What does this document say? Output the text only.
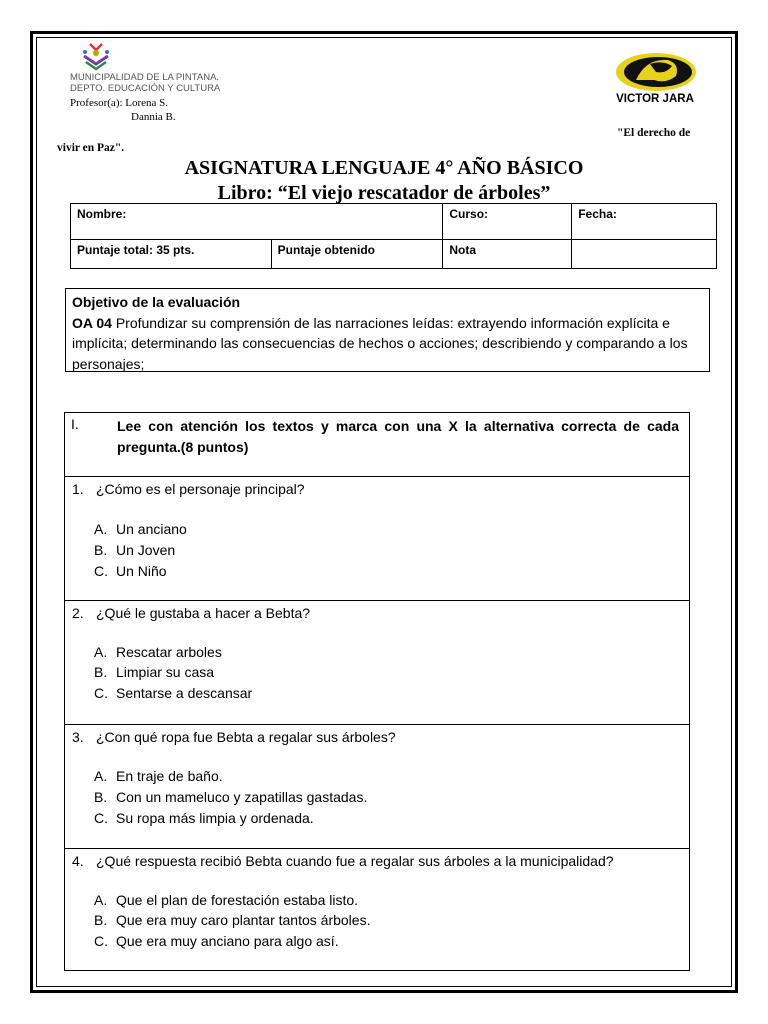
MUNICIPALIDAD DE LA PINTANA.
DEPTO. EDUCACIÓN Y CULTURA
Profesor(a): Lorena S.
Dannia B.
VICTOR JARA
"El derecho de
vivir en Paz".
ASIGNATURA LENGUAJE 4° AÑO BÁSICO
Libro: “El viejo rescatador de árboles”
Nombre:		Curso:	Fecha:
Puntaje total: 35 pts.	Puntaje obtenido	Nota	
Objetivo de la evaluación
OA 04 Profundizar su comprensión de las narraciones leídas: extrayendo información explícita e implícita; determinando las consecuencias de hechos o acciones; describiendo y comparando a los personajes;
I.	Lee con atención los textos y marca con una X la alternativa correcta de cada pregunta.(8 puntos)
1. ¿Cómo es el personaje principal?
A. Un anciano
B. Un Joven
C. Un Niño
2. ¿Qué le gustaba a hacer a Bebta?
A. Rescatar arboles
B. Limpiar su casa
C. Sentarse a descansar
3. ¿Con qué ropa fue Bebta a regalar sus árboles?
A. En traje de baño.
B. Con un mameluco y zapatillas gastadas.
C. Su ropa más limpia y ordenada.
4. ¿Qué respuesta recibió Bebta cuando fue a regalar sus árboles a la municipalidad?
A. Que el plan de forestación estaba listo.
B. Que era muy caro plantar tantos árboles.
C. Que era muy anciano para algo así.
